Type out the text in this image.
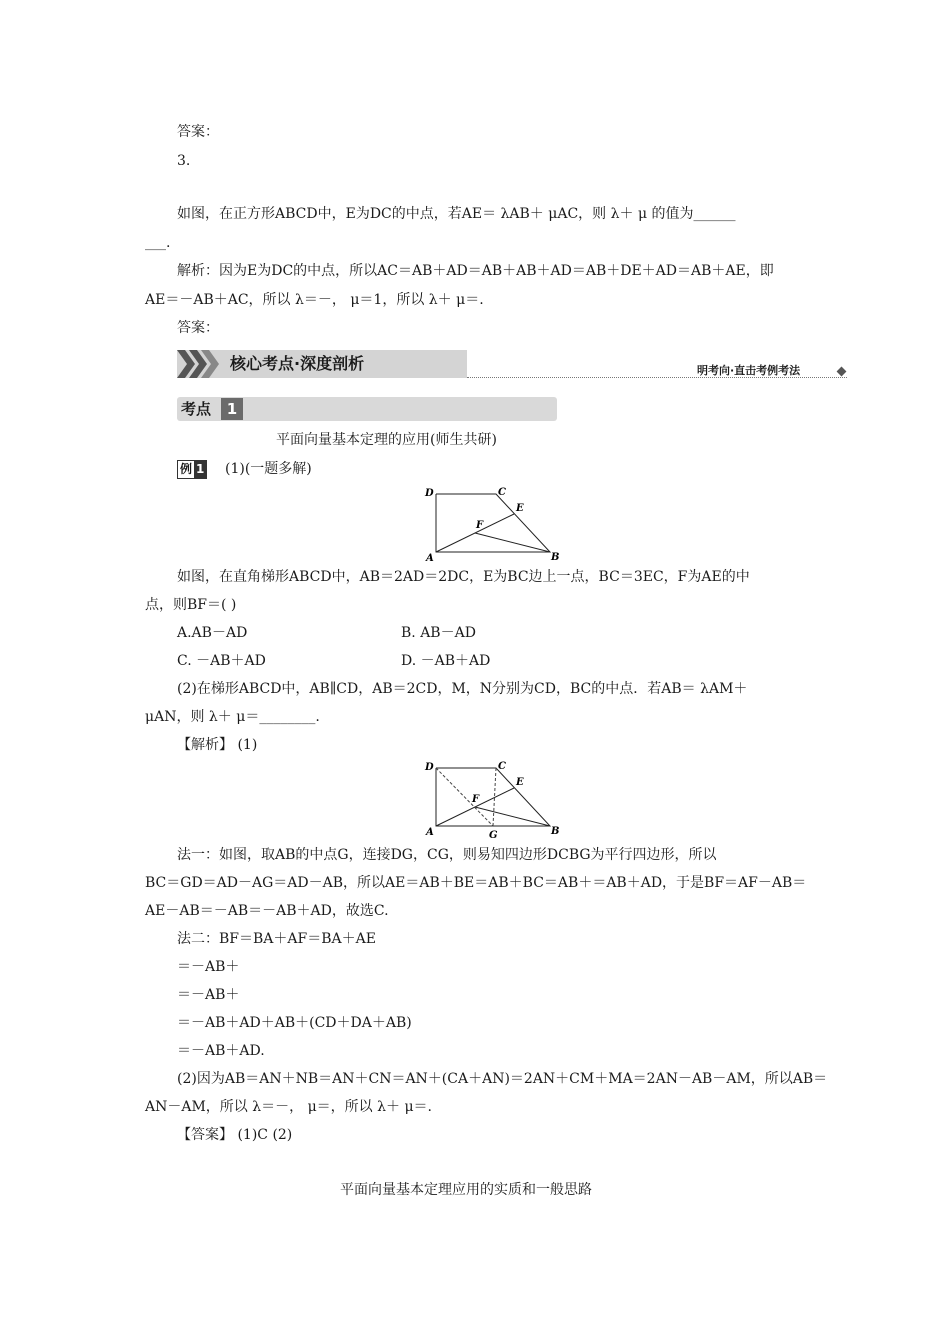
答案：
3.
如图，在正方形ABCD中，E为DC的中点，若AE＝ λAB＋ μAC，则 λ＋ μ 的值为______
___.
解析：因为E为DC的中点，所以AC＝AB＋AD＝AB＋AB＋AD＝AB＋DE＋AD＝AB＋AE，即
AE＝－AB＋AC，所以 λ＝－， μ＝1，所以 λ＋ μ＝.
答案：
核心考点·深度剖析	明考向·直击考例考法
考点	1
平面向量基本定理的应用(师生共研)
例 1 (1)(一题多解)
D	C
E
F
A	B
如图，在直角梯形ABCD中，AB＝2AD＝2DC，E为BC边上一点，BC＝3EC，F为AE的中
点，则BF＝( )
A.AB－AD	B. AB－AD
C. －AB＋AD	D. －AB＋AD
(2)在梯形ABCD中，AB∥CD，AB＝2CD，M，N分别为CD，BC的中点．若AB＝ λAM＋
μAN，则 λ＋ μ＝________.
【解析】 (1)
D	C
E
F
A	B
G
法一：如图，取AB的中点G，连接DG，CG，则易知四边形DCBG为平行四边形，所以
BC＝GD＝AD－AG＝AD－AB，所以AE＝AB＋BE＝AB＋BC＝AB＋＝AB＋AD，于是BF＝AF－AB＝
AE－AB＝－AB＝－AB＋AD，故选C.
法二：BF＝BA＋AF＝BA＋AE
＝－AB＋
＝－AB＋
＝－AB＋AD＋AB＋(CD＋DA＋AB)
＝－AB＋AD.
(2)因为AB＝AN＋NB＝AN＋CN＝AN＋(CA＋AN)＝2AN＋CM＋MA＝2AN－AB－AM，所以AB＝
AN－AM，所以 λ＝－， μ＝，所以 λ＋ μ＝.
【答案】 (1)C (2)
平面向量基本定理应用的实质和一般思路
